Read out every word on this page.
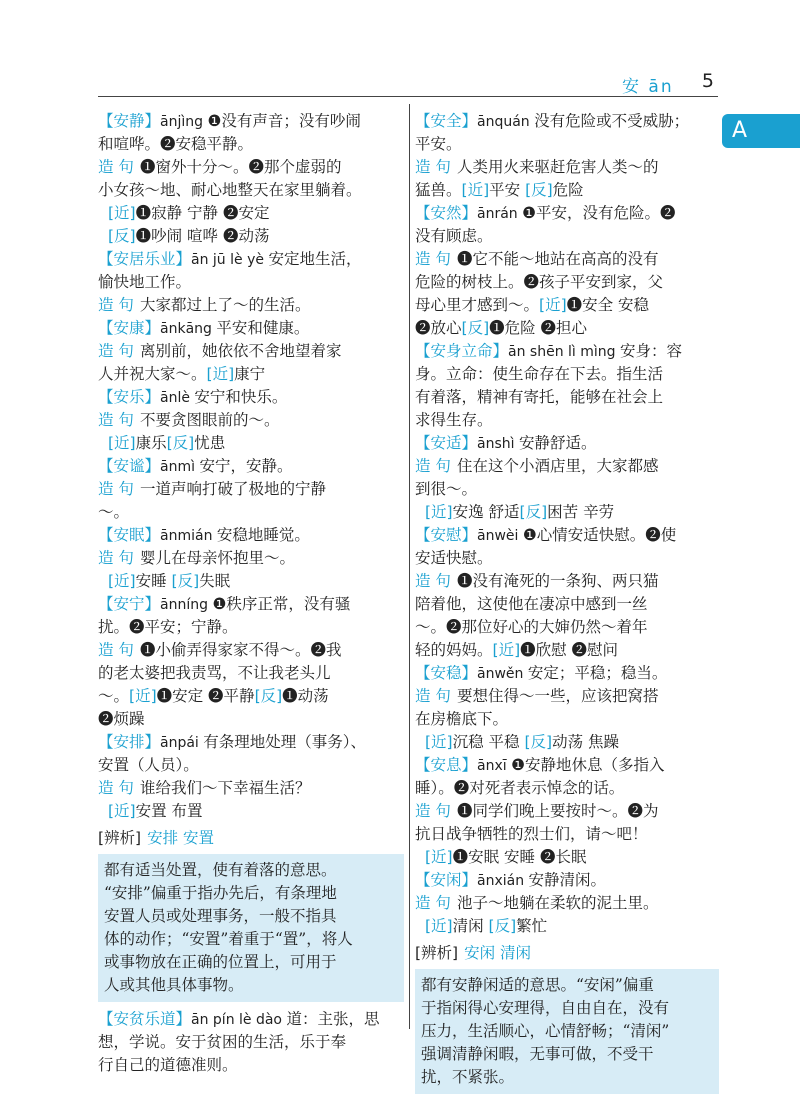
安 ān 5
A
【安静】ānjìng ❶没有声音；没有吵闹
和喧哗。❷安稳平静。
造 句 ❶窗外十分～。❷那个虚弱的
小女孩～地、耐心地整天在家里躺着。
[近]❶寂静 宁静 ❷安定
[反]❶吵闹 喧哗 ❷动荡
【安居乐业】ān jū lè yè 安定地生活，
愉快地工作。
造 句 大家都过上了～的生活。
【安康】ānkāng 平安和健康。
造 句 离别前，她依依不舍地望着家
人并祝大家～。[近]康宁
【安乐】ānlè 安宁和快乐。
造 句 不要贪图眼前的～。
[近]康乐[反]忧患
【安谧】ānmì 安宁，安静。
造 句 一道声响打破了极地的宁静
～。
【安眠】ānmián 安稳地睡觉。
造 句 婴儿在母亲怀抱里～。
[近]安睡 [反]失眠
【安宁】ānníng ❶秩序正常，没有骚
扰。❷平安；宁静。
造 句 ❶小偷弄得家家不得～。❷我
的老太婆把我责骂，不让我老头儿
～。[近]❶安定 ❷平静[反]❶动荡
❷烦躁
【安排】ānpái 有条理地处理（事务）、
安置（人员）。
造 句 谁给我们～下幸福生活？
[近]安置 布置
[辨析] 安排 安置
都有适当处置，使有着落的意思。
“安排”偏重于指办先后，有条理地
安置人员或处理事务，一般不指具
体的动作；“安置”着重于“置”，将人
或事物放在正确的位置上，可用于
人或其他具体事物。
【安贫乐道】ān pín lè dào 道：主张，思
想，学说。安于贫困的生活，乐于奉
行自己的道德准则。
【安全】ānquán 没有危险或不受威胁；
平安。
造 句 人类用火来驱赶危害人类～的
猛兽。[近]平安 [反]危险
【安然】ānrán ❶平安，没有危险。❷
没有顾虑。
造 句 ❶它不能～地站在高高的没有
危险的树枝上。❷孩子平安到家，父
母心里才感到～。[近]❶安全 安稳
❷放心[反]❶危险 ❷担心
【安身立命】ān shēn lì mìng 安身：容
身。立命：使生命存在下去。指生活
有着落，精神有寄托，能够在社会上
求得生存。
【安适】ānshì 安静舒适。
造 句 住在这个小酒店里，大家都感
到很～。
[近]安逸 舒适[反]困苦 辛劳
【安慰】ānwèi ❶心情安适快慰。❷使
安适快慰。
造 句 ❶没有淹死的一条狗、两只猫
陪着他，这使他在凄凉中感到一丝
～。❷那位好心的大婶仍然～着年
轻的妈妈。[近]❶欣慰 ❷慰问
【安稳】ānwěn 安定；平稳；稳当。
造 句 要想住得～一些，应该把窝搭
在房檐底下。
[近]沉稳 平稳 [反]动荡 焦躁
【安息】ānxī ❶安静地休息（多指入
睡）。❷对死者表示悼念的话。
造 句 ❶同学们晚上要按时～。❷为
抗日战争牺牲的烈士们，请～吧！
[近]❶安眠 安睡 ❷长眠
【安闲】ānxián 安静清闲。
造 句 池子～地躺在柔软的泥土里。
[近]清闲 [反]繁忙
[辨析] 安闲 清闲
都有安静闲适的意思。“安闲”偏重
于指闲得心安理得，自由自在，没有
压力，生活顺心，心情舒畅；“清闲”
强调清静闲暇，无事可做，不受干
扰，不紧张。
